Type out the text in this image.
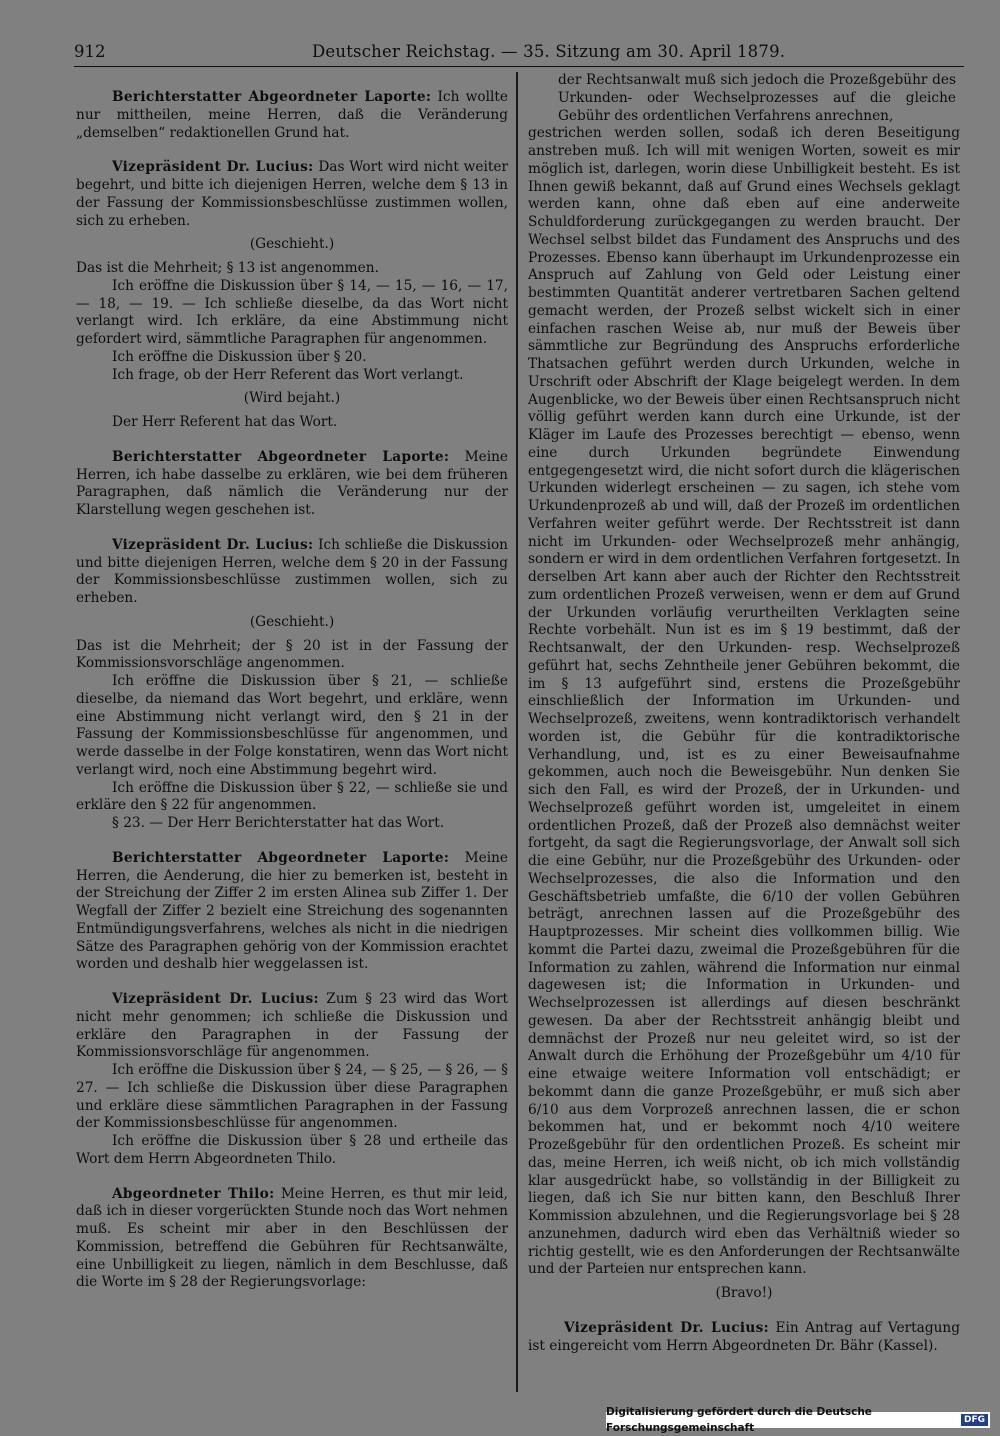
912	Deutscher Reichstag. — 35. Sitzung am 30. April 1879.

Berichterstatter Abgeordneter Laporte: Ich wollte nur mittheilen, meine Herren, daß die Veränderung „demselben“ redaktionellen Grund hat.

Vizepräsident Dr. Lucius: Das Wort wird nicht weiter begehrt, und bitte ich diejenigen Herren, welche dem § 13 in der Fassung der Kommissionsbeschlüsse zustimmen wollen, sich zu erheben.

(Geschieht.)

Das ist die Mehrheit; § 13 ist angenommen.

Ich eröffne die Diskussion über § 14, — 15, — 16, — 17, — 18, — 19. — Ich schließe dieselbe, da das Wort nicht verlangt wird. Ich erkläre, da eine Abstimmung nicht gefordert wird, sämmtliche Paragraphen für angenommen.

Ich eröffne die Diskussion über § 20.

Ich frage, ob der Herr Referent das Wort verlangt.

(Wird bejaht.)

Der Herr Referent hat das Wort.

Berichterstatter Abgeordneter Laporte: Meine Herren, ich habe dasselbe zu erklären, wie bei dem früheren Paragraphen, daß nämlich die Veränderung nur der Klarstellung wegen geschehen ist.

Vizepräsident Dr. Lucius: Ich schließe die Diskussion und bitte diejenigen Herren, welche dem § 20 in der Fassung der Kommissionsbeschlüsse zustimmen wollen, sich zu erheben.

(Geschieht.)

Das ist die Mehrheit; der § 20 ist in der Fassung der Kommissionsvorschläge angenommen.

Ich eröffne die Diskussion über § 21, — schließe dieselbe, da niemand das Wort begehrt, und erkläre, wenn eine Abstimmung nicht verlangt wird, den § 21 in der Fassung der Kommissionsbeschlüsse für angenommen, und werde dasselbe in der Folge konstatiren, wenn das Wort nicht verlangt wird, noch eine Abstimmung begehrt wird.

Ich eröffne die Diskussion über § 22, — schließe sie und erkläre den § 22 für angenommen.

§ 23. — Der Herr Berichterstatter hat das Wort.

Berichterstatter Abgeordneter Laporte: Meine Herren, die Aenderung, die hier zu bemerken ist, besteht in der Streichung der Ziffer 2 im ersten Alinea sub Ziffer 1. Der Wegfall der Ziffer 2 bezielt eine Streichung des sogenannten Entmündigungsverfahrens, welches als nicht in die niedrigen Sätze des Paragraphen gehörig von der Kommission erachtet worden und deshalb hier weggelassen ist.

Vizepräsident Dr. Lucius: Zum § 23 wird das Wort nicht mehr genommen; ich schließe die Diskussion und erkläre den Paragraphen in der Fassung der Kommissionsvorschläge für angenommen.

Ich eröffne die Diskussion über § 24, — § 25, — § 26, — § 27. — Ich schließe die Diskussion über diese Paragraphen und erkläre diese sämmtlichen Paragraphen in der Fassung der Kommissionsbeschlüsse für angenommen.

Ich eröffne die Diskussion über § 28 und ertheile das Wort dem Herrn Abgeordneten Thilo.

Abgeordneter Thilo: Meine Herren, es thut mir leid, daß ich in dieser vorgerückten Stunde noch das Wort nehmen muß. Es scheint mir aber in den Beschlüssen der Kommission, betreffend die Gebühren für Rechtsanwälte, eine Unbilligkeit zu liegen, nämlich in dem Beschlusse, daß die Worte im § 28 der Regierungsvorlage:

der Rechtsanwalt muß sich jedoch die Prozeßgebühr des Urkunden- oder Wechselprozesses auf die gleiche Gebühr des ordentlichen Verfahrens anrechnen,

gestrichen werden sollen, sodaß ich deren Beseitigung anstreben muß. Ich will mit wenigen Worten, soweit es mir möglich ist, darlegen, worin diese Unbilligkeit besteht. Es ist Ihnen gewiß bekannt, daß auf Grund eines Wechsels geklagt werden kann, ohne daß eben auf eine anderweite Schuldforderung zurückgegangen zu werden braucht. Der Wechsel selbst bildet das Fundament des Anspruchs und des Prozesses. Ebenso kann überhaupt im Urkundenprozesse ein Anspruch auf Zahlung von Geld oder Leistung einer bestimmten Quantität anderer vertretbaren Sachen geltend gemacht werden, der Prozeß selbst wickelt sich in einer einfachen raschen Weise ab, nur muß der Beweis über sämmtliche zur Begründung des Anspruchs erforderliche Thatsachen geführt werden durch Urkunden, welche in Urschrift oder Abschrift der Klage beigelegt werden. In dem Augenblicke, wo der Beweis über einen Rechtsanspruch nicht völlig geführt werden kann durch eine Urkunde, ist der Kläger im Laufe des Prozesses berechtigt — ebenso, wenn eine durch Urkunden begründete Einwendung entgegengesetzt wird, die nicht sofort durch die klägerischen Urkunden widerlegt erscheinen — zu sagen, ich stehe vom Urkundenprozeß ab und will, daß der Prozeß im ordentlichen Verfahren weiter geführt werde. Der Rechtsstreit ist dann nicht im Urkunden- oder Wechselprozeß mehr anhängig, sondern er wird in dem ordentlichen Verfahren fortgesetzt. In derselben Art kann aber auch der Richter den Rechtsstreit zum ordentlichen Prozeß verweisen, wenn er dem auf Grund der Urkunden vorläufig verurtheilten Verklagten seine Rechte vorbehält. Nun ist es im § 19 bestimmt, daß der Rechtsanwalt, der den Urkunden- resp. Wechselprozeß geführt hat, sechs Zehntheile jener Gebühren bekommt, die im § 13 aufgeführt sind, erstens die Prozeßgebühr einschließlich der Information im Urkunden- und Wechselprozeß, zweitens, wenn kontradiktorisch verhandelt worden ist, die Gebühr für die kontradiktorische Verhandlung, und, ist es zu einer Beweisaufnahme gekommen, auch noch die Beweisgebühr. Nun denken Sie sich den Fall, es wird der Prozeß, der in Urkunden- und Wechselprozeß geführt worden ist, umgeleitet in einem ordentlichen Prozeß, daß der Prozeß also demnächst weiter fortgeht, da sagt die Regierungsvorlage, der Anwalt soll sich die eine Gebühr, nur die Prozeßgebühr des Urkunden- oder Wechselprozesses, die also die Information und den Geschäftsbetrieb umfaßte, die 6/10 der vollen Gebühren beträgt, anrechnen lassen auf die Prozeßgebühr des Hauptprozesses. Mir scheint dies vollkommen billig. Wie kommt die Partei dazu, zweimal die Prozeßgebühren für die Information zu zahlen, während die Information nur einmal dagewesen ist; die Information in Urkunden- und Wechselprozessen ist allerdings auf diesen beschränkt gewesen. Da aber der Rechtsstreit anhängig bleibt und demnächst der Prozeß nur neu geleitet wird, so ist der Anwalt durch die Erhöhung der Prozeßgebühr um 4/10 für eine etwaige weitere Information voll entschädigt; er bekommt dann die ganze Prozeßgebühr, er muß sich aber 6/10 aus dem Vorprozeß anrechnen lassen, die er schon bekommen hat, und er bekommt noch 4/10 weitere Prozeßgebühr für den ordentlichen Prozeß. Es scheint mir das, meine Herren, ich weiß nicht, ob ich mich vollständig klar ausgedrückt habe, so vollständig in der Billigkeit zu liegen, daß ich Sie nur bitten kann, den Beschluß Ihrer Kommission abzulehnen, und die Regierungsvorlage bei § 28 anzunehmen, dadurch wird eben das Verhältniß wieder so richtig gestellt, wie es den Anforderungen der Rechtsanwälte und der Parteien nur entsprechen kann.

(Bravo!)

Vizepräsident Dr. Lucius: Ein Antrag auf Vertagung ist eingereicht vom Herrn Abgeordneten Dr. Bähr (Kassel).

Digitalisierung gefördert durch die Deutsche Forschungsgemeinschaft
DFG
